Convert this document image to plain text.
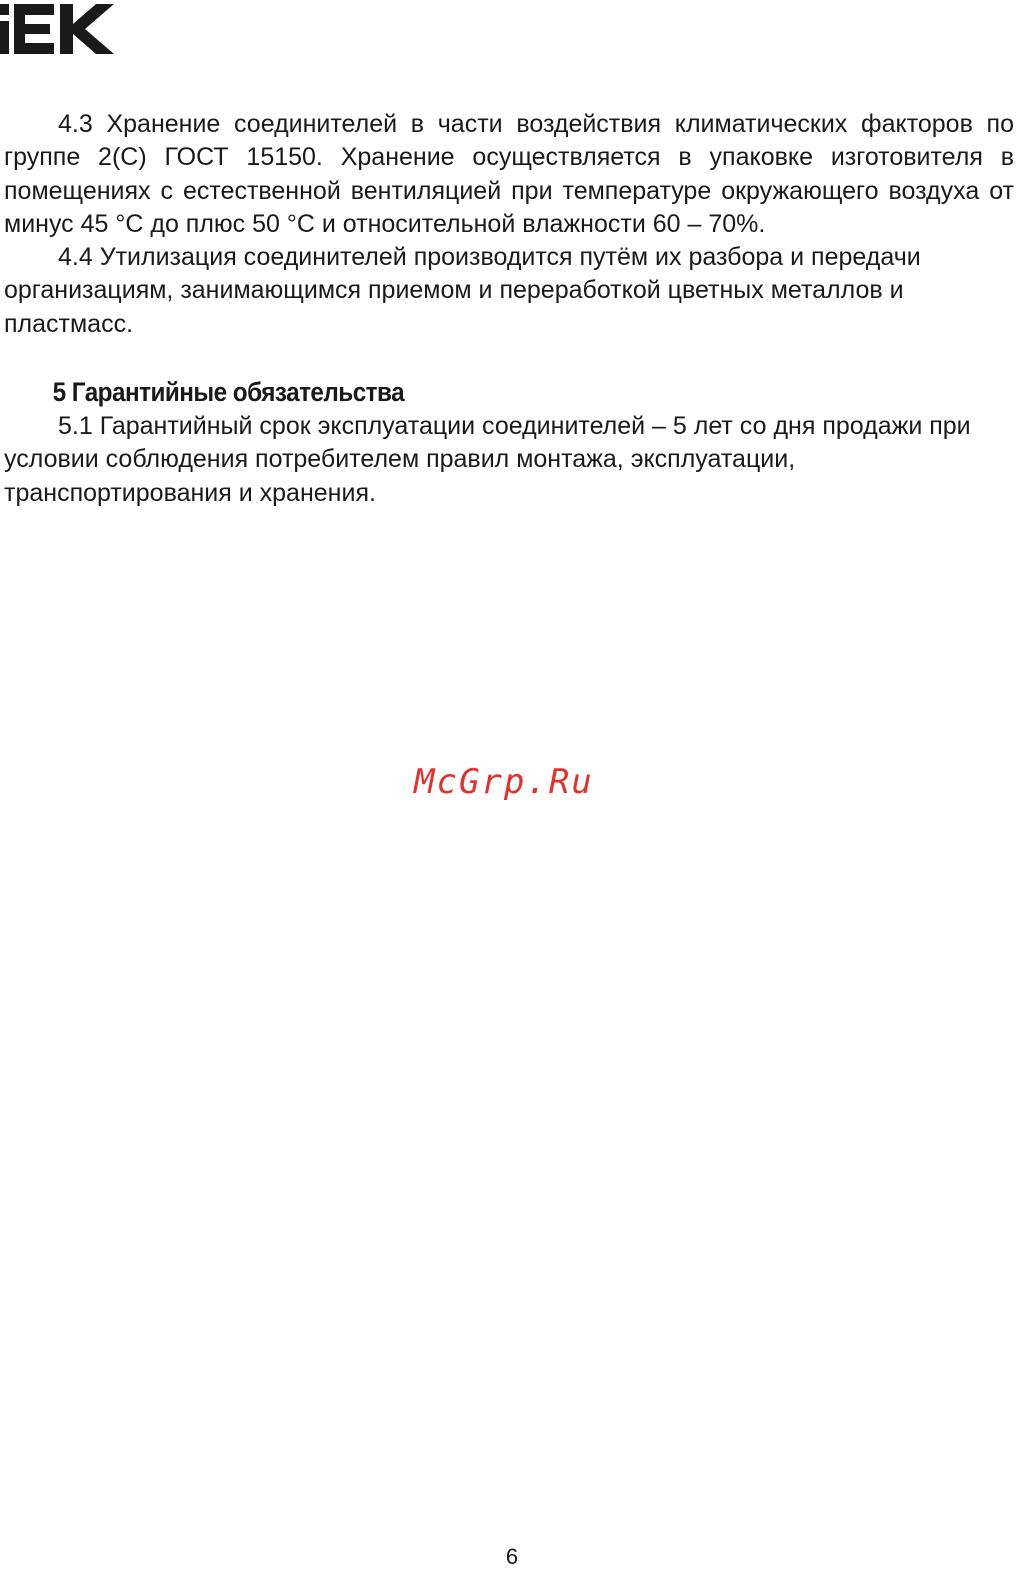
4.3 Хранение соединителей в части воздействия климатических факторов по группе 2(С) ГОСТ 15150. Хранение осуществляется в упаковке изготовителя в помещениях с естественной вентиляцией при температуре окружающего воздуха от минус 45 °С до плюс 50 °С и относительной влажности 60 – 70%.

4.4 Утилизация соединителей производится путём их разбора и передачи организациям, занимающимся приемом и переработкой цветных металлов и пластмасс.

5 Гарантийные обязательства

5.1 Гарантийный срок эксплуатации соединителей – 5 лет со дня продажи при условии соблюдения потребителем правил монтажа, эксплуатации, транспортирования и хранения.

McGrp.Ru
6
